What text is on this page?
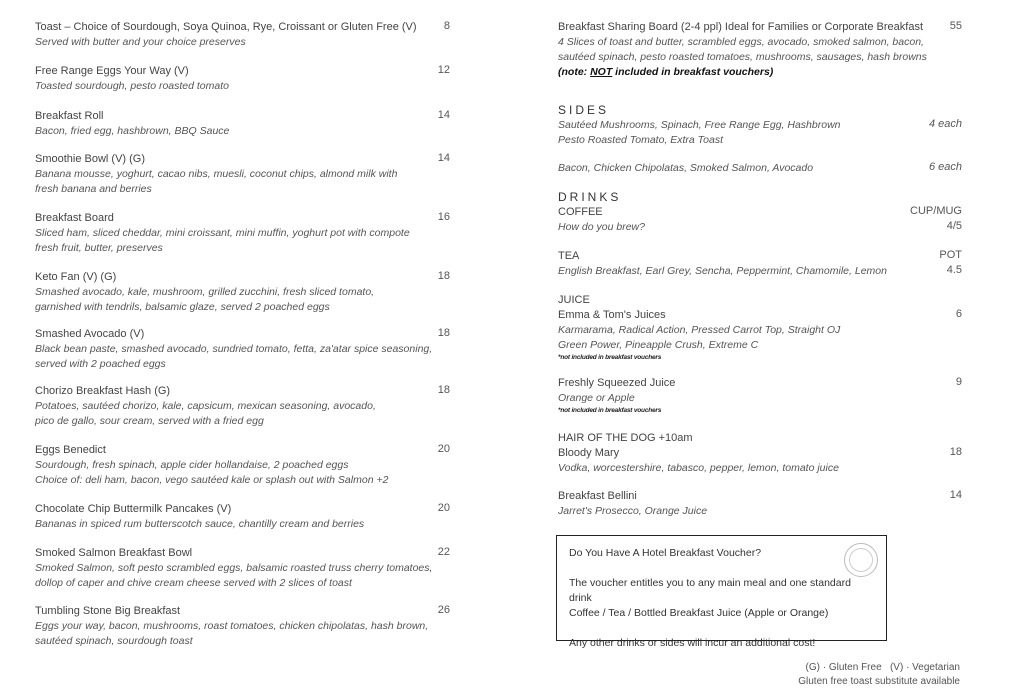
Toast – Choice of Sourdough, Soya Quinoa, Rye, Croissant or Gluten Free (V)	8
Served with butter and your choice preserves
Free Range Eggs Your Way (V)	12
Toasted sourdough, pesto roasted tomato
Breakfast Roll	14
Bacon, fried egg, hashbrown, BBQ Sauce
Smoothie Bowl (V) (G)	14
Banana mousse, yoghurt, cacao nibs, muesli, coconut chips, almond milk with
fresh banana and berries
Breakfast Board	16
Sliced ham, sliced cheddar, mini croissant, mini muffin, yoghurt pot with compote
fresh fruit, butter, preserves
Keto Fan (V) (G)	18
Smashed avocado, kale, mushroom, grilled zucchini, fresh sliced tomato,
garnished with tendrils, balsamic glaze, served 2 poached eggs
Smashed Avocado (V)	18
Black bean paste, smashed avocado, sundried tomato, fetta, za'atar spice seasoning,
served with 2 poached eggs
Chorizo Breakfast Hash (G)	18
Potatoes, sautéed chorizo, kale, capsicum, mexican seasoning, avocado,
pico de gallo, sour cream, served with a fried egg
Eggs Benedict	20
Sourdough, fresh spinach, apple cider hollandaise, 2 poached eggs
Choice of: deli ham, bacon, vego sautéed kale or splash out with Salmon +2
Chocolate Chip Buttermilk Pancakes (V)	20
Bananas in spiced rum butterscotch sauce, chantilly cream and berries
Smoked Salmon Breakfast Bowl	22
Smoked Salmon, soft pesto scrambled eggs, balsamic roasted truss cherry tomatoes,
dollop of caper and chive cream cheese served with 2 slices of toast
Tumbling Stone Big Breakfast	26
Eggs your way, bacon, mushrooms, roast tomatoes, chicken chipolatas, hash brown,
sautéed spinach, sourdough toast
Breakfast Sharing Board (2-4 ppl) Ideal for Families or Corporate Breakfast	55
4 Slices of toast and butter, scrambled eggs, avocado, smoked salmon, bacon,
sautéed spinach, pesto roasted tomatoes, mushrooms, sausages, hash browns
(note: NOT included in breakfast vouchers)
SIDES
Sautéed Mushrooms, Spinach, Free Range Egg, Hashbrown
Pesto Roasted Tomato, Extra Toast
4 each
Bacon, Chicken Chipolatas, Smoked Salmon, Avocado	6 each
DRINKS
COFFEE	CUP/MUG
How do you brew?	4/5
TEA	POT
English Breakfast, Earl Grey, Sencha, Peppermint, Chamomile, Lemon	4.5
JUICE
Emma & Tom's Juices	6
Karmarama, Radical Action, Pressed Carrot Top, Straight OJ
Green Power, Pineapple Crush, Extreme C
*not included in breakfast vouchers
Freshly Squeezed Juice	9
Orange or Apple
*not included in breakfast vouchers
HAIR OF THE DOG +10am
Bloody Mary	18
Vodka, worcestershire, tabasco, pepper, lemon, tomato juice
Breakfast Bellini	14
Jarret's Prosecco, Orange Juice
Do You Have A Hotel Breakfast Voucher?
The voucher entitles you to any main meal and one standard drink
Coffee / Tea / Bottled Breakfast Juice (Apple or Orange)
Any other drinks or sides will incur an additional cost!
(G) · Gluten Free   (V) · Vegetarian
Gluten free toast substitute available
